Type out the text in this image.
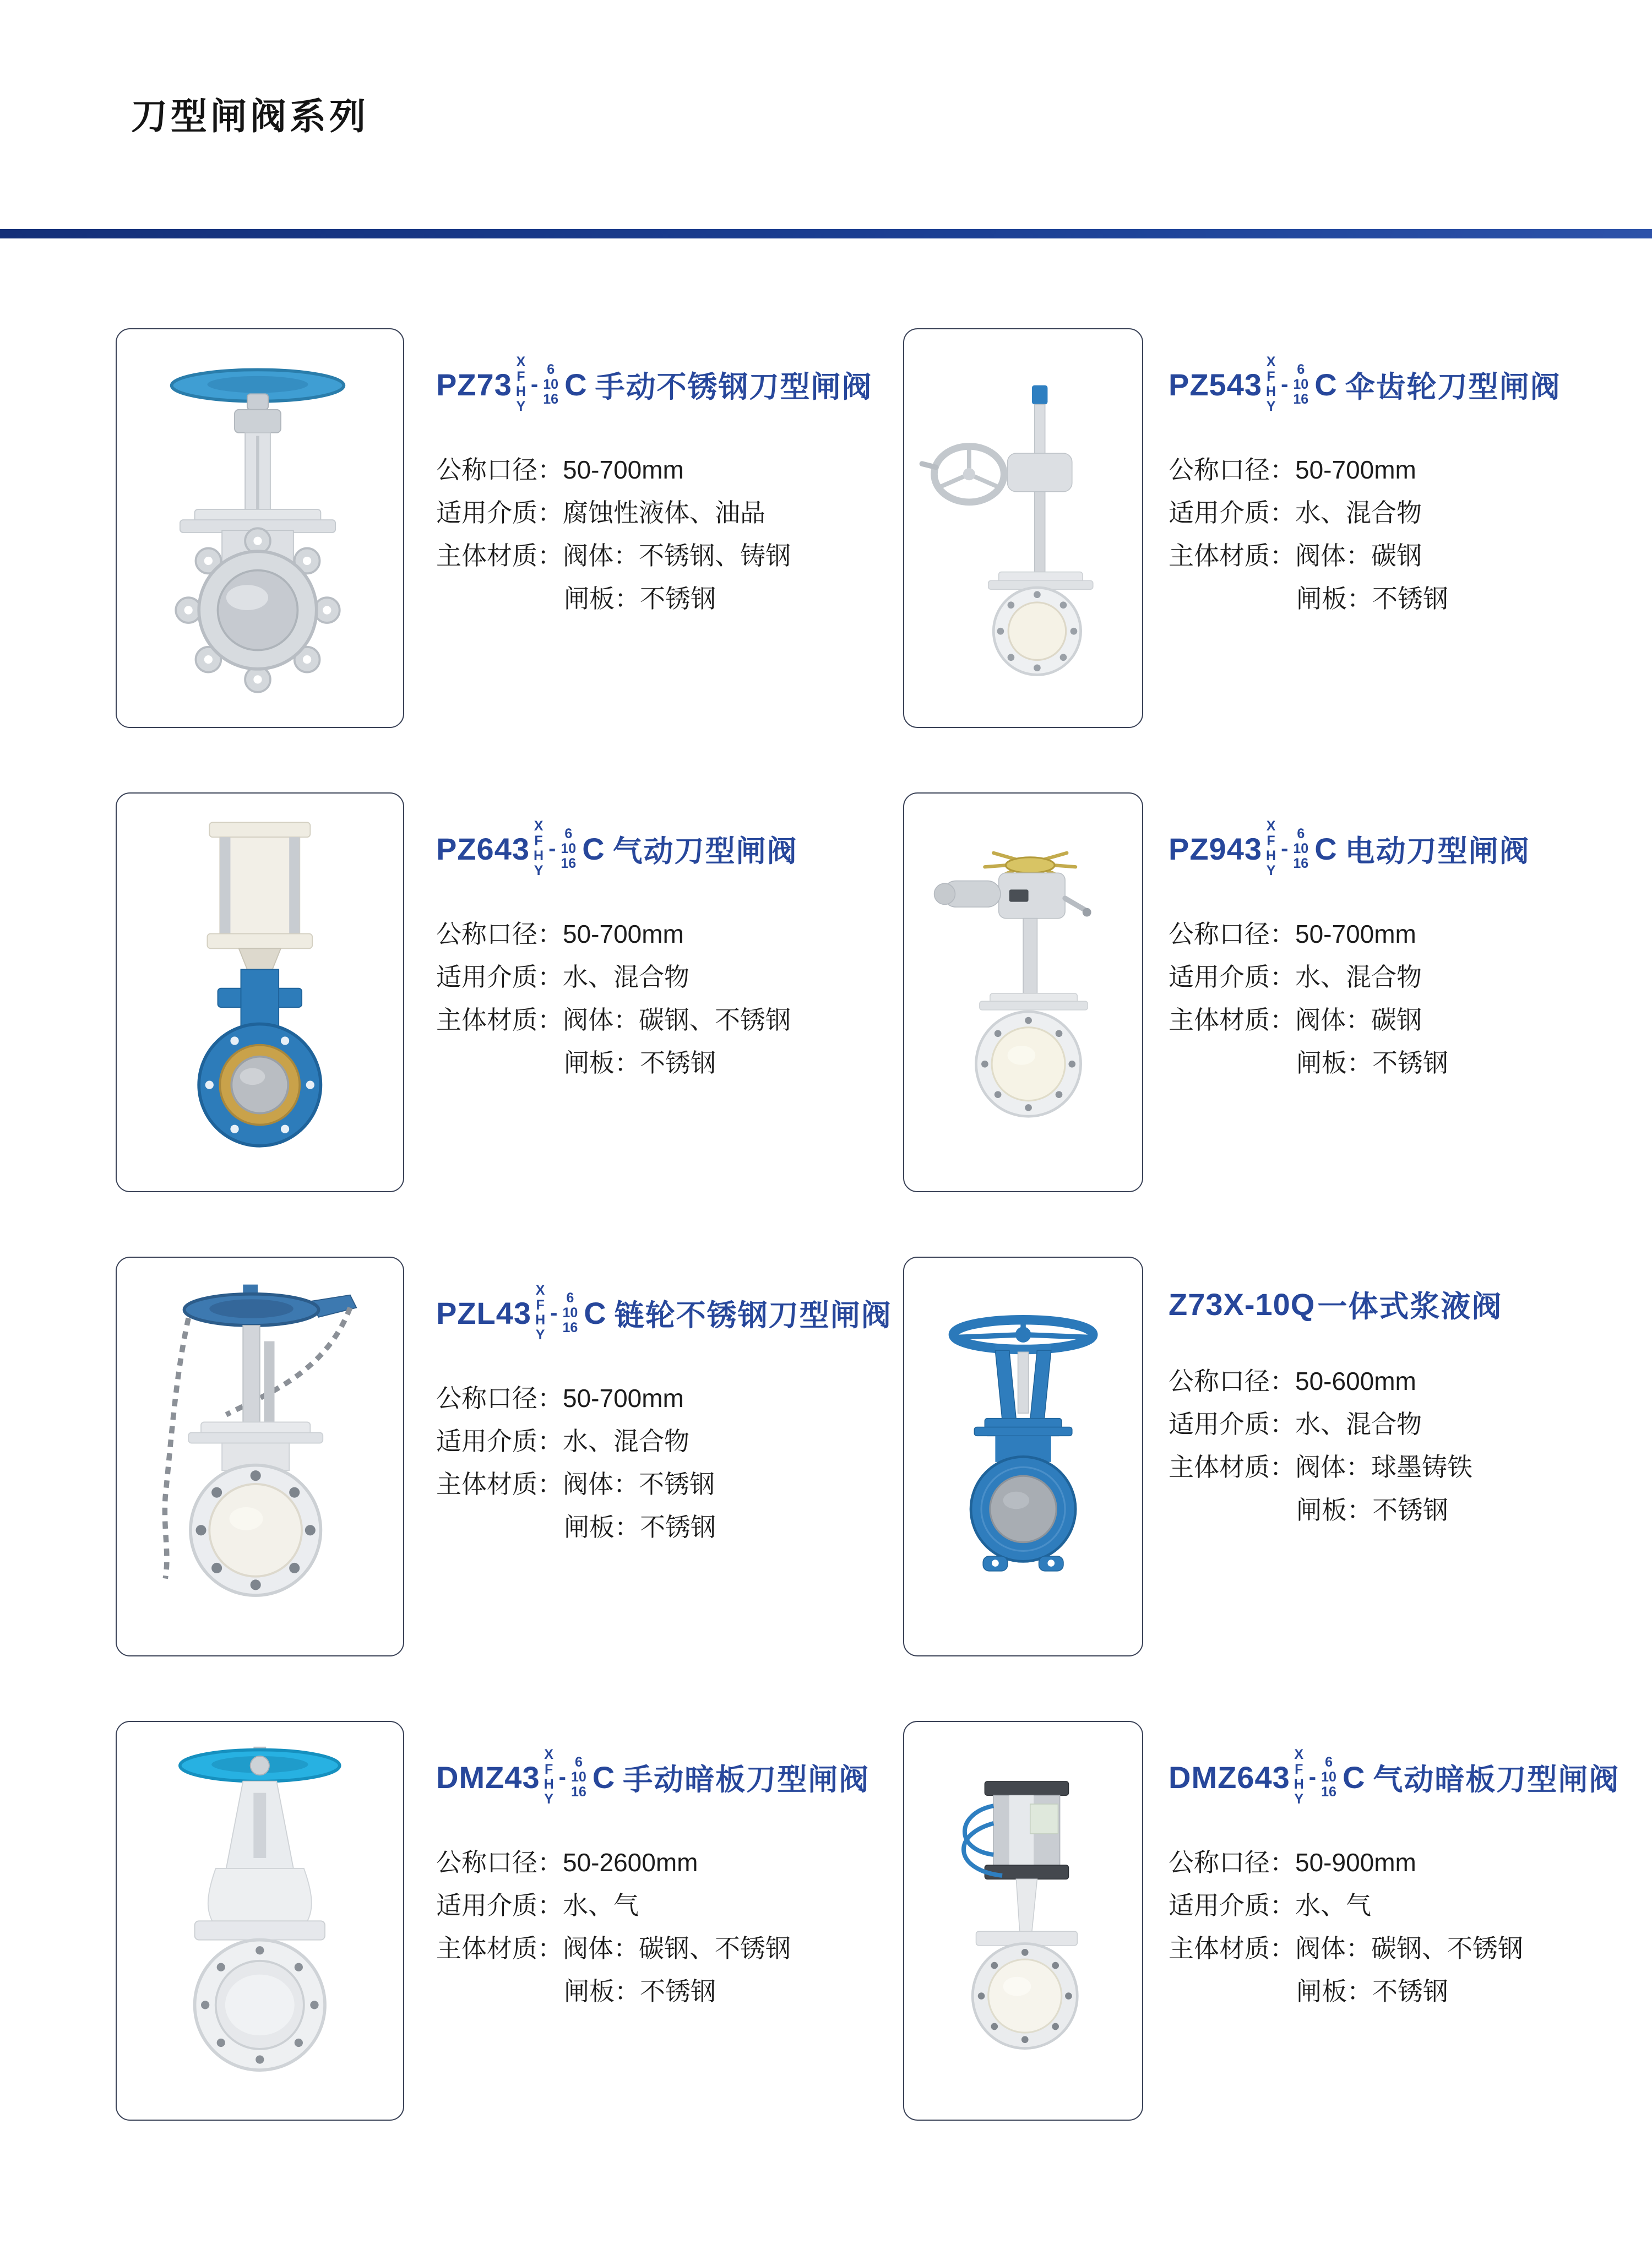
刀型闸阀系列
PZ73
X
F
H
Y
-
6
10
16 C 手动不锈钢刀型闸阀

公称口径： 50-700mm

适用介质： 腐蚀性液体、油品

主体材质： 阀体： 不锈钢、铸钢

闸板： 不锈钢

PZ543
X
F
H
Y
-
6
10
16 C 伞齿轮刀型闸阀

公称口径： 50-700mm

适用介质： 水、混合物

主体材质： 阀体： 碳钢

闸板： 不锈钢

PZ643
X
F
H
Y
-
6
10
16 C 气动刀型闸阀

公称口径： 50-700mm

适用介质： 水、混合物

主体材质： 阀体： 碳钢、不锈钢

闸板： 不锈钢

PZ943
X
F
H
Y
-
6
10
16 C 电动刀型闸阀

公称口径： 50-700mm

适用介质： 水、混合物

主体材质： 阀体： 碳钢

闸板： 不锈钢

PZL43
X
F
H
Y
-
6
10
16 C 链轮不锈钢刀型闸阀

公称口径： 50-700mm

适用介质： 水、混合物

主体材质： 阀体： 不锈钢

闸板： 不锈钢

Z73X-10Q 一体式浆液阀

公称口径： 50-600mm

适用介质： 水、混合物

主体材质： 阀体： 球墨铸铁

闸板： 不锈钢

DMZ43
X
F
H
Y
-
6
10
16 C 手动暗板刀型闸阀

公称口径： 50-2600mm

适用介质： 水、气

主体材质： 阀体： 碳钢、不锈钢

闸板： 不锈钢

DMZ643
X
F
H
Y
-
6
10
16 C 气动暗板刀型闸阀

公称口径： 50-900mm

适用介质： 水、气

主体材质： 阀体： 碳钢、不锈钢

闸板： 不锈钢
